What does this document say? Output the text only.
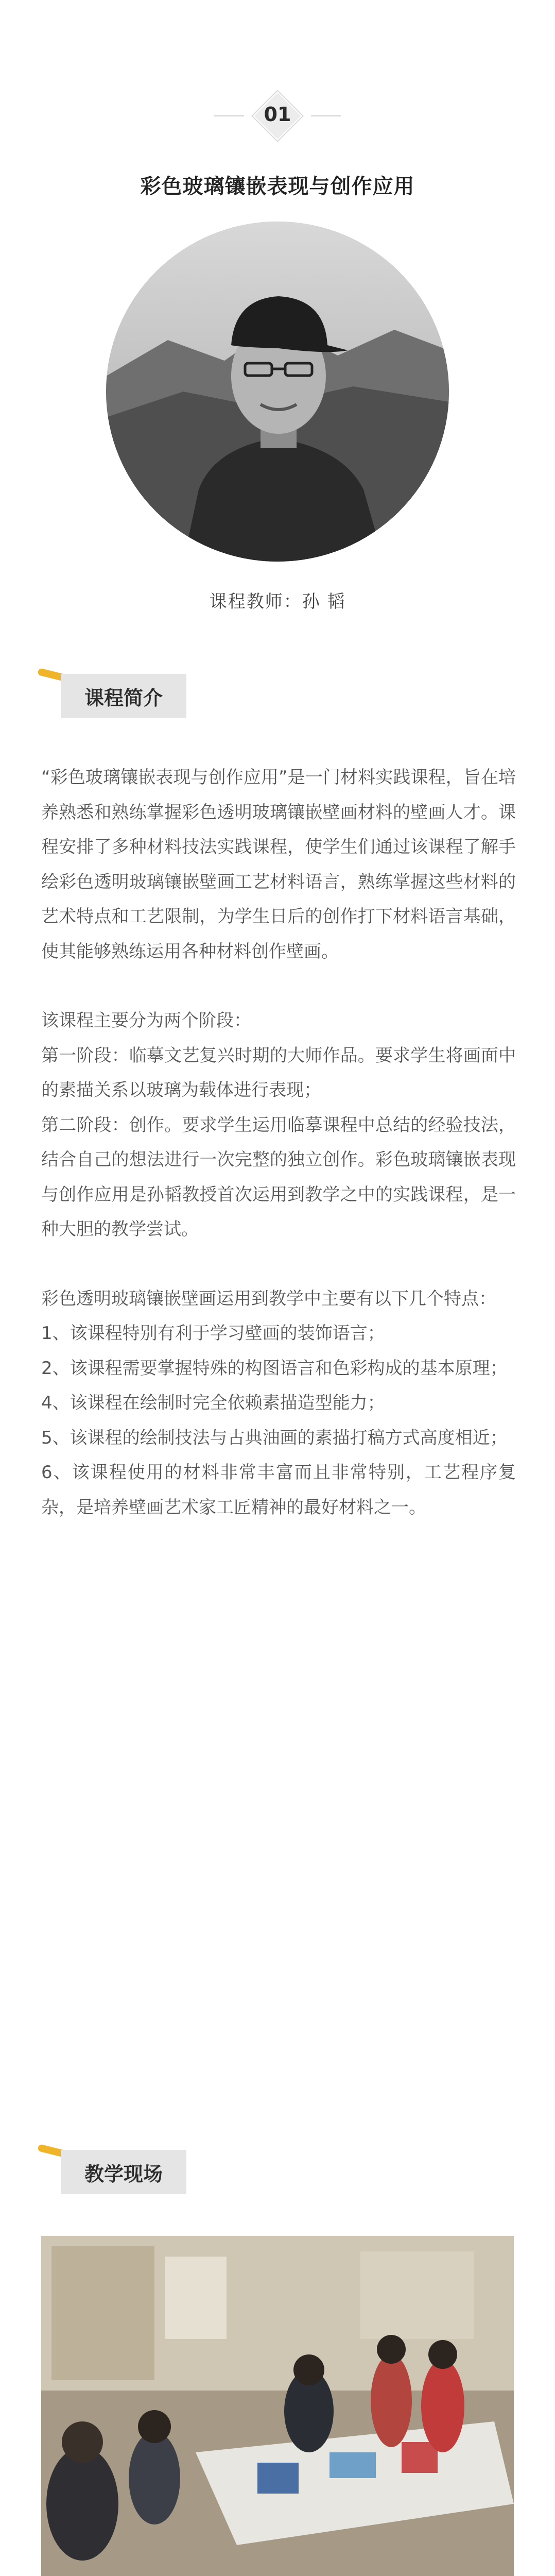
01
彩色玻璃镶嵌表现与创作应用
课程教师：孙 韬
课程简介

“彩色玻璃镶嵌表现与创作应用”是一门材料实践课程，旨在培养熟悉和熟练掌握彩色透明玻璃镶嵌壁画材料的壁画人才。课程安排了多种材料技法实践课程，使学生们通过该课程了解手绘彩色透明玻璃镶嵌壁画工艺材料语言，熟练掌握这些材料的艺术特点和工艺限制，为学生日后的创作打下材料语言基础，使其能够熟练运用各种材料创作壁画。

该课程主要分为两个阶段：

第一阶段：临摹文艺复兴时期的大师作品。要求学生将画面中的素描关系以玻璃为载体进行表现；

第二阶段：创作。要求学生运用临摹课程中总结的经验技法，结合自己的想法进行一次完整的独立创作。彩色玻璃镶嵌表现与创作应用是孙韬教授首次运用到教学之中的实践课程，是一种大胆的教学尝试。

彩色透明玻璃镶嵌壁画运用到教学中主要有以下几个特点：

1、该课程特别有利于学习壁画的装饰语言；

2、该课程需要掌握特殊的构图语言和色彩构成的基本原理；

4、该课程在绘制时完全依赖素描造型能力；

5、该课程的绘制技法与古典油画的素描打稿方式高度相近；

6、该课程使用的材料非常丰富而且非常特别，工艺程序复杂，是培养壁画艺术家工匠精神的最好材料之一。

教学现场
